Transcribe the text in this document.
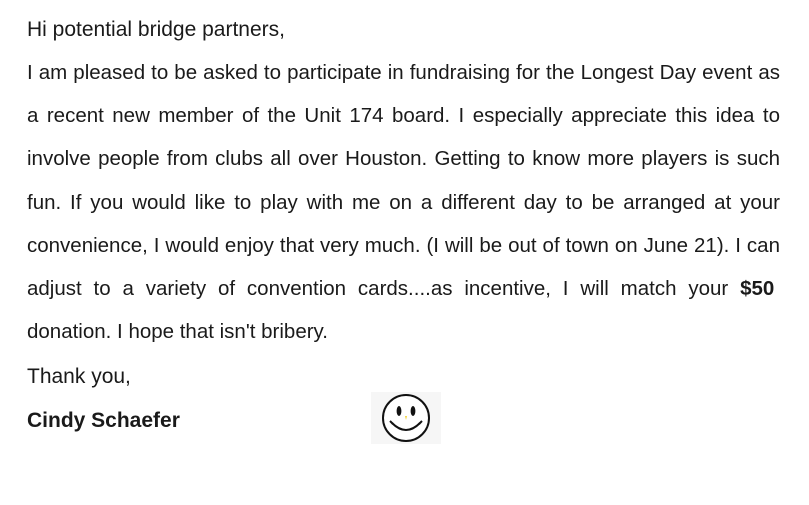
Hi potential bridge partners,

I am pleased to be asked to participate in fundraising for the Longest Day event as a recent new member of the Unit 174 board. I especially appreciate this idea to involve people from clubs all over Houston. Getting to know more players is such fun. If you would like to play with me on a different day to be arranged at your convenience, I would enjoy that very much. (I will be out of town on June 21). I can adjust to a variety of convention cards....as incentive, I will match your $50  donation. I hope that isn't bribery.

Thank you,

Cindy Schaefer
